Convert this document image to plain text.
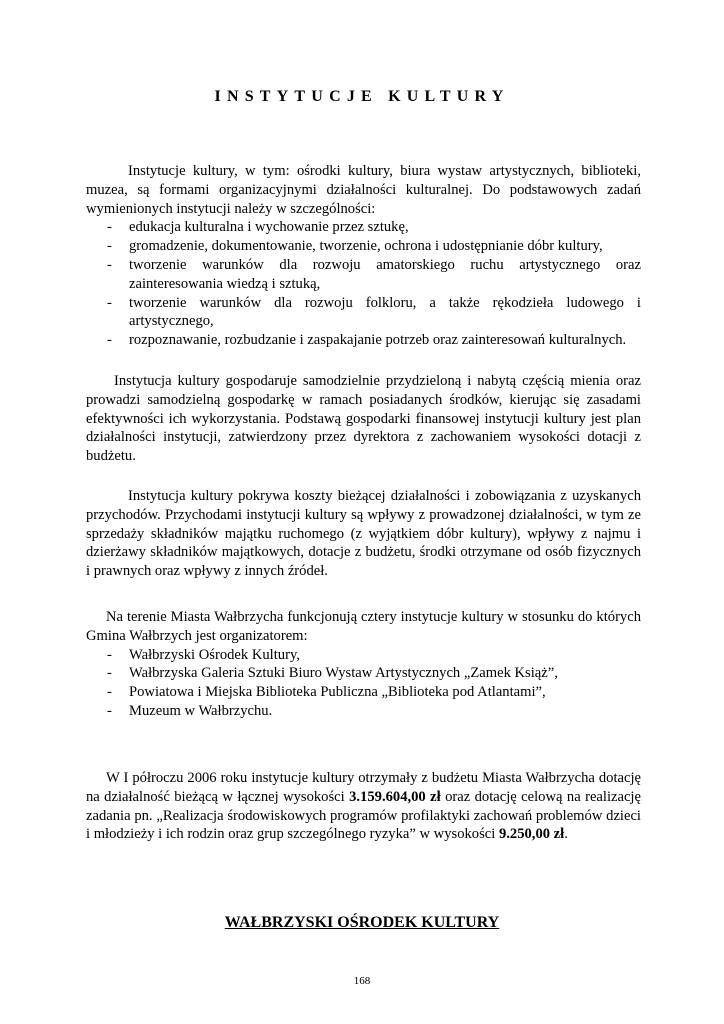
INSTYTUCJE KULTURY

Instytucje kultury, w tym: ośrodki kultury, biura wystaw artystycznych, biblioteki, muzea, są formami organizacyjnymi działalności kulturalnej. Do podstawowych zadań wymienionych instytucji należy w szczególności:

- edukacja kulturalna i wychowanie przez sztukę,
- gromadzenie, dokumentowanie, tworzenie, ochrona i udostępnianie dóbr kultury,
- tworzenie warunków dla rozwoju amatorskiego ruchu artystycznego oraz zainteresowania wiedzą i sztuką,
- tworzenie warunków dla rozwoju folkloru, a także rękodzieła ludowego i artystycznego,
- rozpoznawanie, rozbudzanie i zaspakajanie potrzeb oraz zainteresowań kulturalnych.

Instytucja kultury gospodaruje samodzielnie przydzieloną i nabytą częścią mienia oraz prowadzi samodzielną gospodarkę w ramach posiadanych środków, kierując się zasadami efektywności ich wykorzystania. Podstawą gospodarki finansowej instytucji kultury jest plan działalności instytucji, zatwierdzony przez dyrektora z zachowaniem wysokości dotacji z budżetu.

Instytucja kultury pokrywa koszty bieżącej działalności i zobowiązania z uzyskanych przychodów. Przychodami instytucji kultury są wpływy z prowadzonej działalności, w tym ze sprzedaży składników majątku ruchomego (z wyjątkiem dóbr kultury), wpływy z najmu i dzierżawy składników majątkowych, dotacje z budżetu, środki otrzymane od osób fizycznych i prawnych oraz wpływy z innych źródeł.

Na terenie Miasta Wałbrzycha funkcjonują cztery instytucje kultury w stosunku do których Gmina Wałbrzych jest organizatorem:

- Wałbrzyski Ośrodek Kultury,
- Wałbrzyska Galeria Sztuki Biuro Wystaw Artystycznych „Zamek Książ”,
- Powiatowa i Miejska Biblioteka Publiczna „Biblioteka pod Atlantami”,
- Muzeum w Wałbrzychu.

W I półroczu 2006 roku instytucje kultury otrzymały z budżetu Miasta Wałbrzycha dotację na działalność bieżącą w łącznej wysokości 3.159.604,00 zł oraz dotację celową na realizację zadania pn. „Realizacja środowiskowych programów profilaktyki zachowań problemów dzieci i młodzieży i ich rodzin oraz grup szczególnego ryzyka” w wysokości 9.250,00 zł.

WAŁBRZYSKI OŚRODEK KULTURY
168
